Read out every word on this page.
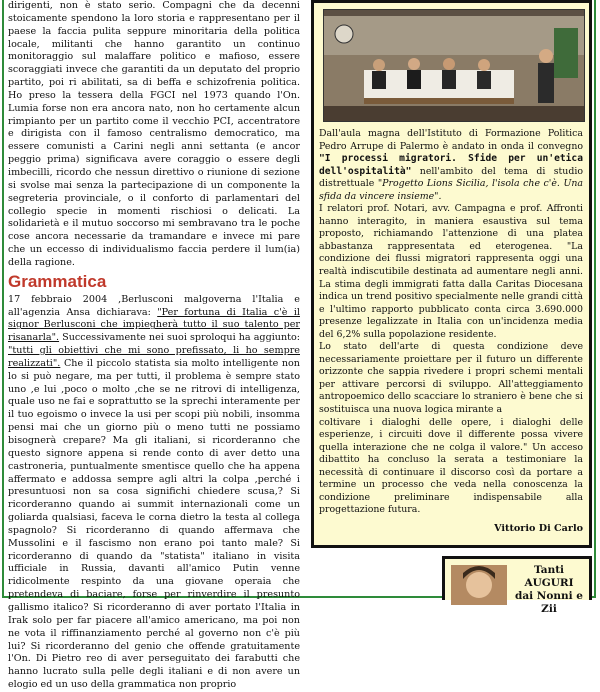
dirigenti, non è stato serio. Compagni che da decenni stoicamente spendono la loro storia e rappresentano per il paese la faccia pulita seppure minoritaria della politica locale, militanti che hanno garantito un continuo monitoraggio sul malaffare politico e mafioso, essere scoraggiati invece che garantiti da un deputato del proprio partito, poi ri abilitati, sa di beffa e schizofrenia politica. Ho preso la tessera della FGCI nel 1973 quando l'On. Lumia forse non era ancora nato, non ho certamente alcun rimpianto per un partito come il vecchio PCI, accentratore e dirigista con il famoso centralismo democratico, ma essere comunisti a Carini negli anni settanta (e ancor peggio prima) significava avere coraggio o essere degli imbecilli, ricordo che nessun direttivo o riunione di sezione si svolse mai senza la partecipazione di un componente la segreteria provinciale, o il conforto di parlamentari del collegio specie in momenti rischiosi o delicati. La solidarietà e il mutuo soccorso mi sembravano tra le poche cose ancora necessarie da tramandare e invece mi pare che un eccesso di individualismo faccia perdere il lum(ia) della ragione.

Grammatica

17 febbraio 2004 ,Berlusconi malgoverna l'Italia e all'agenzia Ansa dichiarava: "Per fortuna di Italia c'è il signor Berlusconi che impiegherà tutto il suo talento per risanarla". Successivamente nei suoi sproloqui ha aggiunto: "tutti gli obiettivi che mi sono prefissato, li ho sempre realizzati". Che il piccolo statista sia molto intelligente non lo si può negare, ma per tutti, il problema è sempre stato uno ,e lui ,poco o molto ,che se ne ritrovi di intelligenza, quale uso ne fai e soprattutto se la sprechi interamente per il tuo egoismo o invece la usi per scopi più nobili, insomma pensi mai che un giorno più o meno tutti ne possiamo bisognerà crepare? Ma gli italiani, si ricorderanno che questo signore appena si rende conto di aver detto una castroneria, puntualmente smentisce quello che ha appena affermato e addossa sempre agli altri la colpa ,perché i presuntuosi non sa cosa significhi chiedere scusa,? Si ricorderanno quando ai summit internazionali come un goliarda qualsiasi, faceva le corna dietro la testa al collega spagnolo? Si ricorderanno di quando affermava che Mussolini e il fascismo non erano poi tanto male? Si ricorderanno di quando da "statista" italiano in visita ufficiale in Russia, davanti all'amico Putin venne ridicolmente respinto da una giovane operaia che pretendeva di baciare, forse per rinverdire il presunto gallismo italico? Si ricorderanno di aver portato l'Italia in Irak solo per far piacere all'amico americano, ma poi non ne vota il riffinanziamento perché al governo non c'è più lui? Si ricorderanno del genio che offende gratuitamente l'On. Di Pietro reo di aver perseguitato dei farabutti che hanno lucrato sulla pelle degli italiani e di non avere un elogio ed un uso della grammatica non proprio

Dall'aula magna dell'Istituto di Formazione Politica Pedro Arrupe di Palermo è andato in onda il convegno "I processi migratori. Sfide per un'etica dell'ospitalità" nell'ambito del tema di studio distrettuale "Progetto Lions Sicilia, l'isola che c'è. Una sfida da vincere insieme".

I relatori prof. Notari, avv. Campagna e prof. Affronti hanno interagito, in maniera esaustiva sul tema proposto, richiamando l'attenzione di una platea abbastanza rappresentata ed eterogenea. "La condizione dei flussi migratori rappresenta oggi una realtà indiscutibile destinata ad aumentare negli anni. La stima degli immigrati fatta dalla Caritas Diocesana indica un trend positivo specialmente nelle grandi città e l'ultimo rapporto pubblicato conta circa 3.690.000 presenze legalizzate in Italia con un'incidenza media del 6,2% sulla popolazione residente.

Lo stato dell'arte di questa condizione deve necessariamente proiettare per il futuro un differente orizzonte che sappia rivedere i propri schemi mentali per attivare percorsi di sviluppo. All'atteggiamento antropoemico dello scacciare lo straniero è bene che si sostituisca una nuova logica mirante a

coltivare i dialoghi delle opere, i dialoghi delle esperienze, i circuiti dove il differente possa vivere quella interazione che ne colga il valore." Un acceso dibattito ha concluso la serata a testimoniare la necessità di continuare il discorso così da portare a termine un processo che veda nella conoscenza la condizione preliminare indispensabile alla progettazione futura.

Vittorio Di Carlo

Tanti
AUGURI
dai Nonni e Zii
